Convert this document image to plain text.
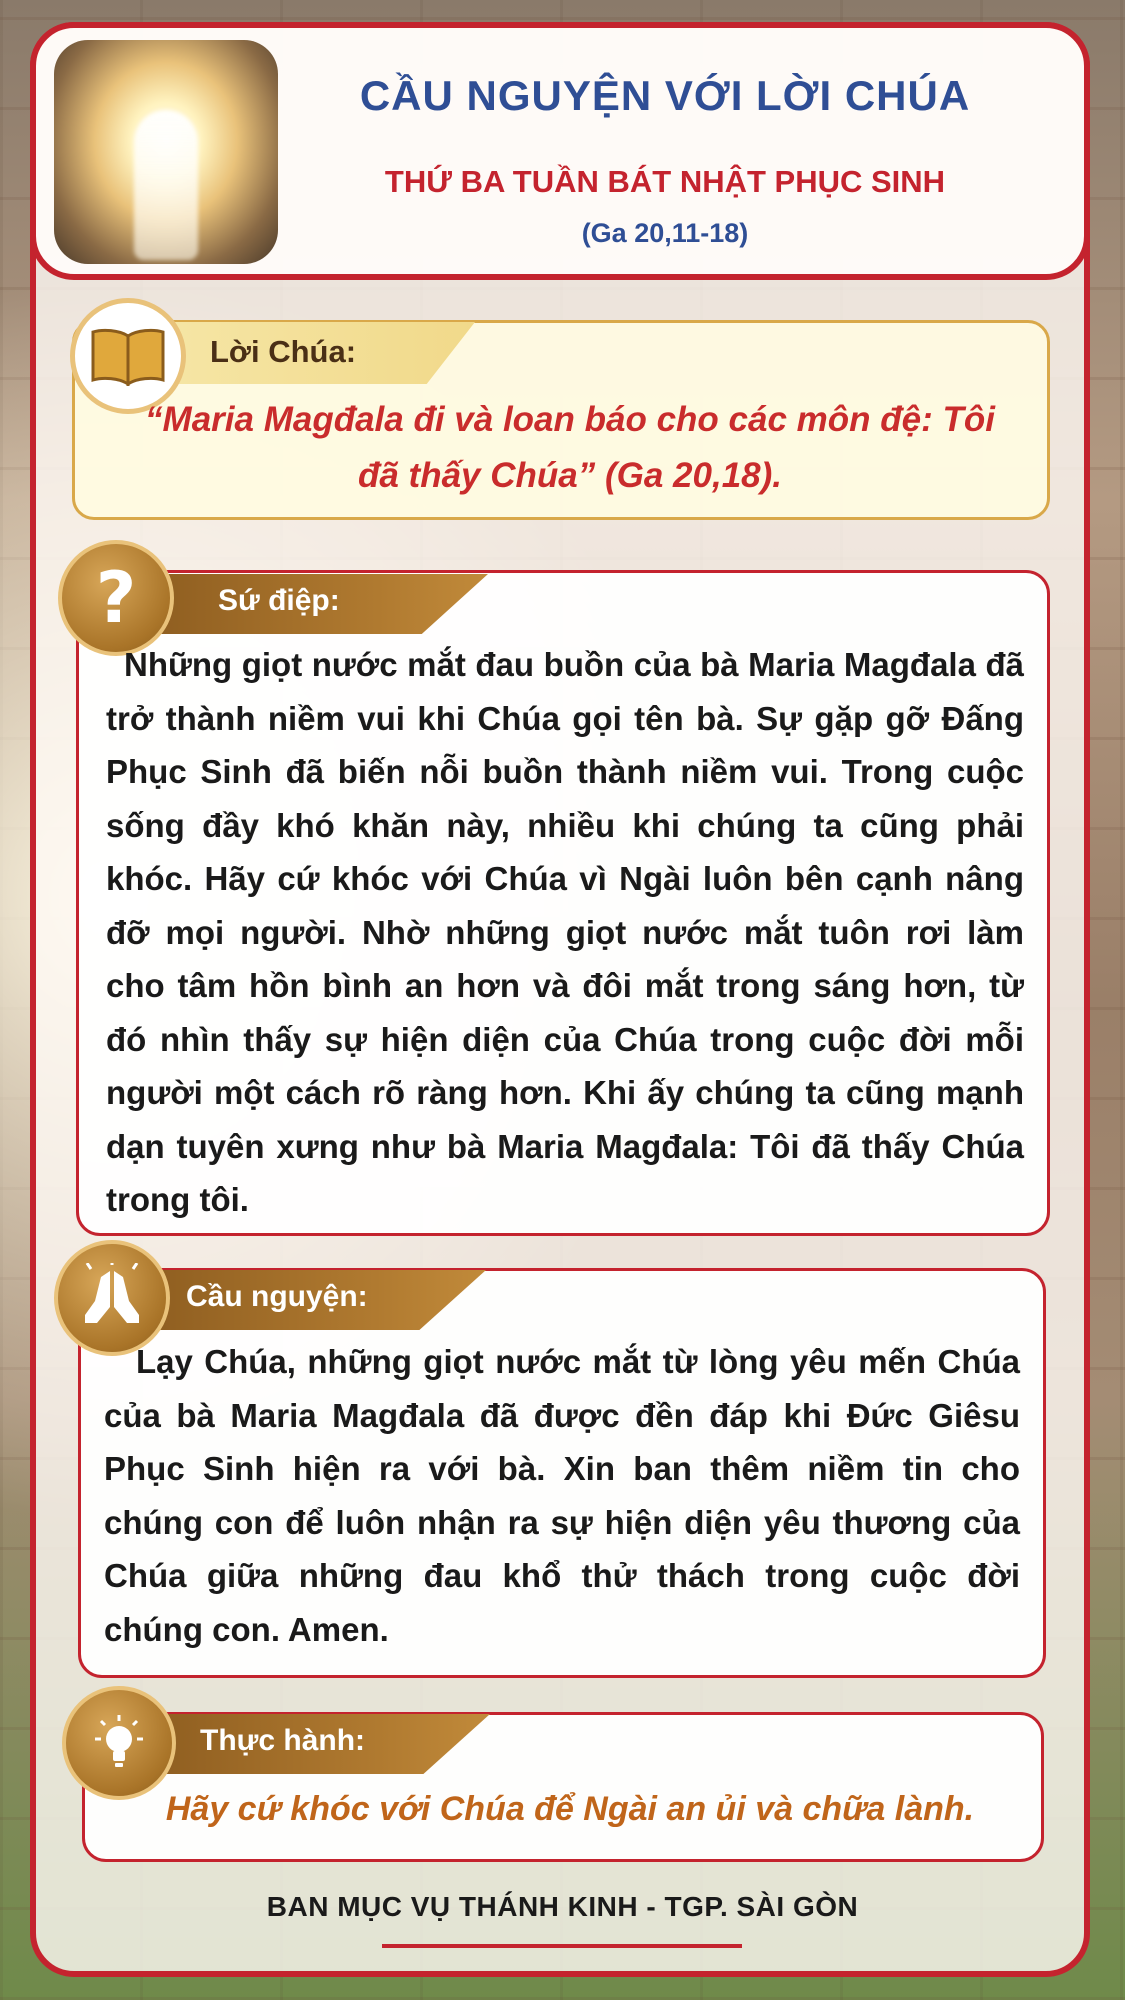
CẦU NGUYỆN VỚI LỜI CHÚA
THỨ BA TUẦN BÁT NHẬT PHỤC SINH
(Ga 20,11-18)
Lời Chúa:
“Maria Magđala đi và loan báo cho các môn đệ: Tôi đã thấy Chúa” (Ga 20,18).
Sứ điệp:
?
Những giọt nước mắt đau buồn của bà Maria Magđala đã trở thành niềm vui khi Chúa gọi tên bà. Sự gặp gỡ Đấng Phục Sinh đã biến nỗi buồn thành niềm vui. Trong cuộc sống đầy khó khăn này, nhiều khi chúng ta cũng phải khóc. Hãy cứ khóc với Chúa vì Ngài luôn bên cạnh nâng đỡ mọi người. Nhờ những giọt nước mắt tuôn rơi làm cho tâm hồn bình an hơn và đôi mắt trong sáng hơn, từ đó nhìn thấy sự hiện diện của Chúa trong cuộc đời mỗi người một cách rõ ràng hơn. Khi ấy chúng ta cũng mạnh dạn tuyên xưng như bà Maria Magđala: Tôi đã thấy Chúa trong tôi.
Cầu nguyện:
Lạy Chúa, những giọt nước mắt từ lòng yêu mến Chúa của bà Maria Magđala đã được đền đáp khi Đức Giêsu Phục Sinh hiện ra với bà. Xin ban thêm niềm tin cho chúng con để luôn nhận ra sự hiện diện yêu thương của Chúa giữa những đau khổ thử thách trong cuộc đời chúng con. Amen.
Thực hành:
Hãy cứ khóc với Chúa để Ngài an ủi và chữa lành.
BAN MỤC VỤ THÁNH KINH - TGP. SÀI GÒN
